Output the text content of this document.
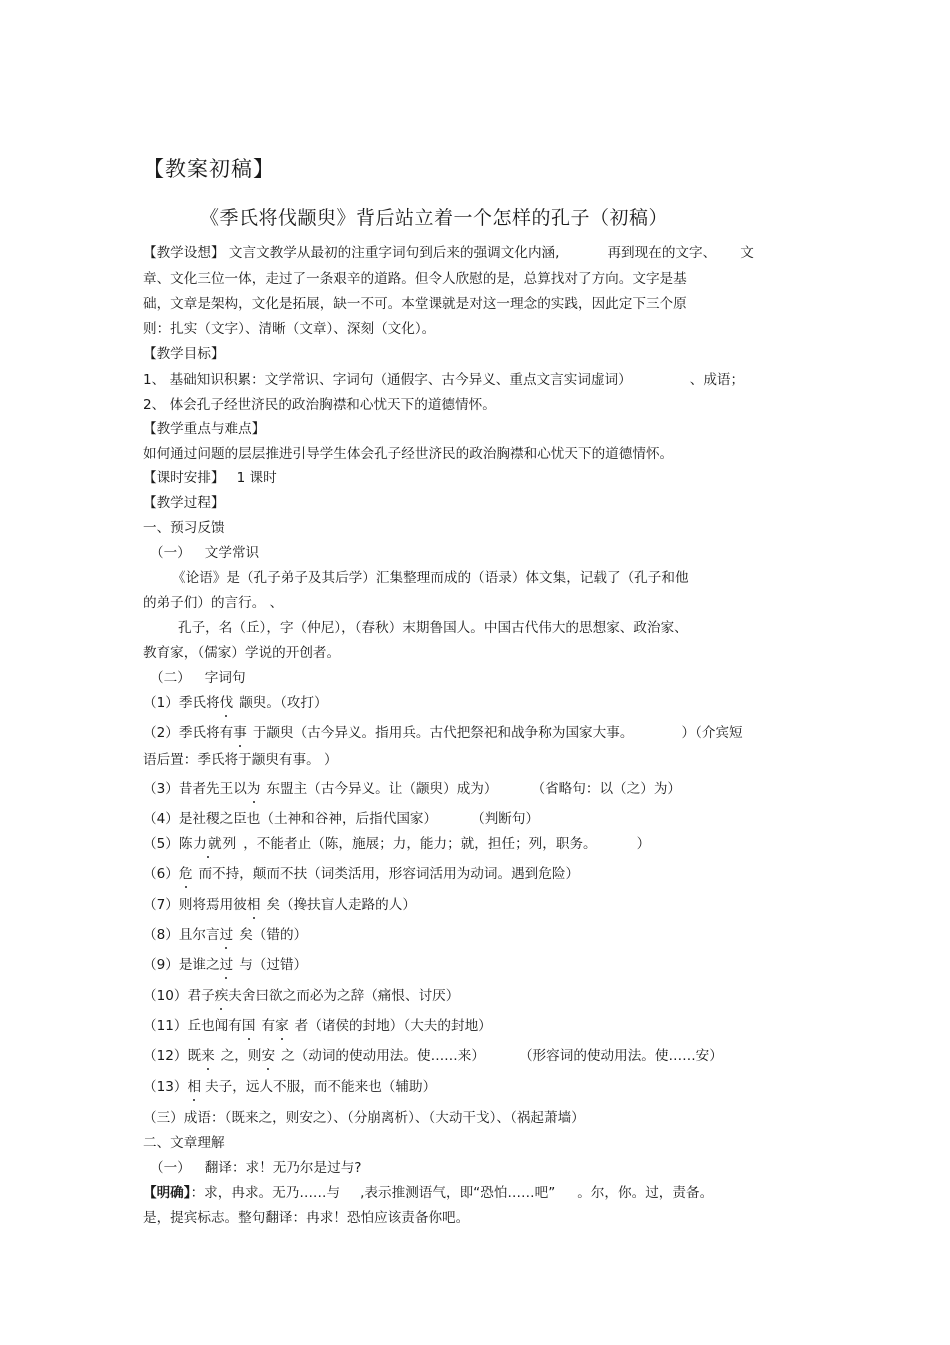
【教案初稿】
《季氏将伐颛臾》背后站立着一个怎样的孔子（初稿）
【教学设想】 文言文教学从最初的注重字词句到后来的强调文化内涵,	再到现在的文字、 文
章、文化三位一体，走过了一条艰辛的道路。但令人欣慰的是，总算找对了方向。文字是基
础，文章是架构，文化是拓展，缺一不可。本堂课就是对这一理念的实践，因此定下三个原
则：扎实（文字）、清晰（文章）、深刻（文化）。
【教学目标】
1、 基础知识积累：文学常识、字词句（通假字、古今异义、重点文言实词虚词）	、成语；
2、 体会孔子经世济民的政治胸襟和心忧天下的道德情怀。
【教学重点与难点】
如何通过问题的层层推进引导学生体会孔子经世济民的政治胸襟和心忧天下的道德情怀。
【课时安排】 1 课时
【教学过程】
一、预习反馈
（一） 文学常识
《论语》是（孔子弟子及其后学）汇集整理而成的（语录）体文集，记载了（孔子和他
的弟子们）的言行。 、
孔子，名（丘），字（仲尼），（春秋）末期鲁国人。中国古代伟大的思想家、政治家、
教育家，（儒家）学说的开创者。
（二） 字词句
（1）季氏将伐 颛臾。（攻打）
（2）季氏将有事 于颛臾（古今异义。指用兵。古代把祭祀和战争称为国家大事。	）（介宾短
语后置：季氏将于颛臾有事。 ）
（3）昔者先王以为 东盟主（古今异义。让（颛臾）成为）	（省略句：以（之）为）
（4）是社稷之臣也（土神和谷神，后指代国家）	（判断句）
（5）陈力就列 ，不能者止（陈，施展；力，能力；就，担任；列，职务。	）
（6）危 而不持，颠而不扶（词类活用，形容词活用为动词。遇到危险）
（7）则将焉用彼相 矣（搀扶盲人走路的人）
（8）且尔言过 矣（错的）
（9）是谁之过 与（过错）
（10）君子疾夫舍曰欲之而必为之辞（痛恨、讨厌）
（11）丘也闻有国 有家 者（诸侯的封地）（大夫的封地）
（12）既来 之，则安 之（动词的使动用法。使……来）	（形容词的使动用法。使……安）
（13）相 夫子，远人不服，而不能来也（辅助）
（三）成语：（既来之，则安之）、（分崩离析）、（大动干戈）、（祸起萧墙）
二、文章理解
（一） 翻译：求！无乃尔是过与?
【明确】：求，冉求。无乃……与 ,表示推测语气，即“恐怕……吧” 。尔，你。过，责备。
是，提宾标志。整句翻译：冉求！恐怕应该责备你吧。
